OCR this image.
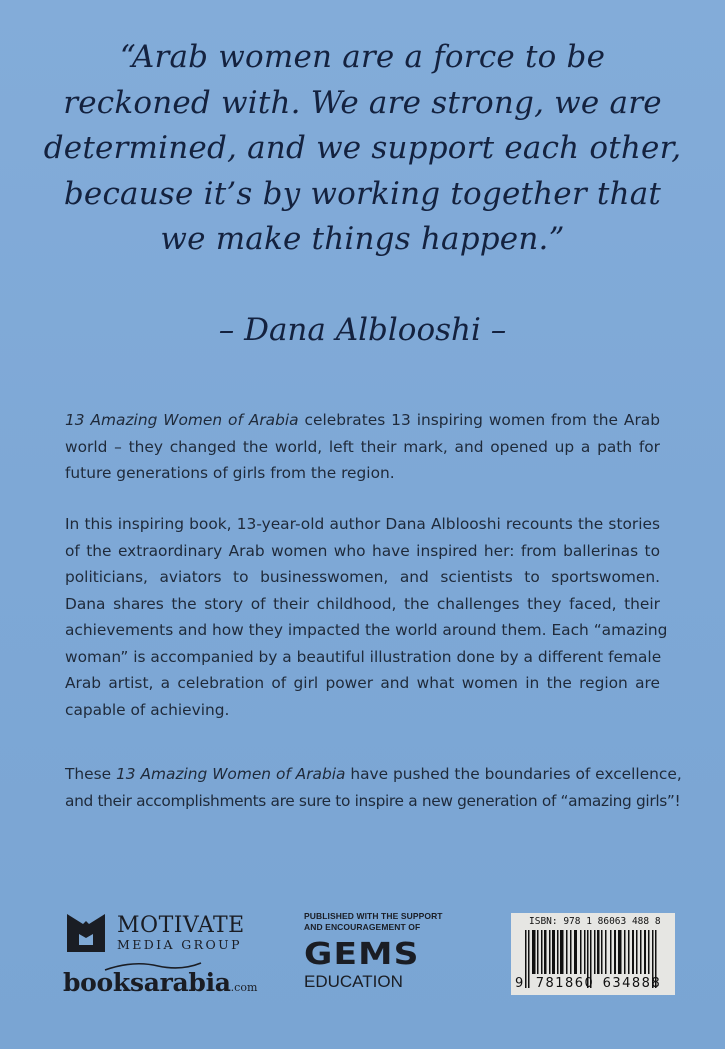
“Arab women are a force to be
reckoned with. We are strong, we are
determined, and we support each other,
because it’s by working together that
we make things happen.”
– Dana Alblooshi –
13 Amazing Women of Arabia celebrates 13 inspiring women from the Arab
world – they changed the world, left their mark, and opened up a path for
future generations of girls from the region.
In this inspiring book, 13-year-old author Dana Alblooshi recounts the stories
of the extraordinary Arab women who have inspired her: from ballerinas to
politicians, aviators to businesswomen, and scientists to sportswomen.
Dana shares the story of their childhood, the challenges they faced, their
achievements and how they impacted the world around them. Each “amazing
woman” is accompanied by a beautiful illustration done by a different female
Arab artist, a celebration of girl power and what women in the region are
capable of achieving.
These 13 Amazing Women of Arabia have pushed the boundaries of excellence,
and their accomplishments are sure to inspire a new generation of “amazing girls”!
MOTIVATE
MEDIA GROUP
booksarabia.com
PUBLISHED WITH THE SUPPORT
AND ENCOURAGEMENT OF
GEMS
EDUCATION
ISBN: 978 1 86063 488 8
9 781860 634888
